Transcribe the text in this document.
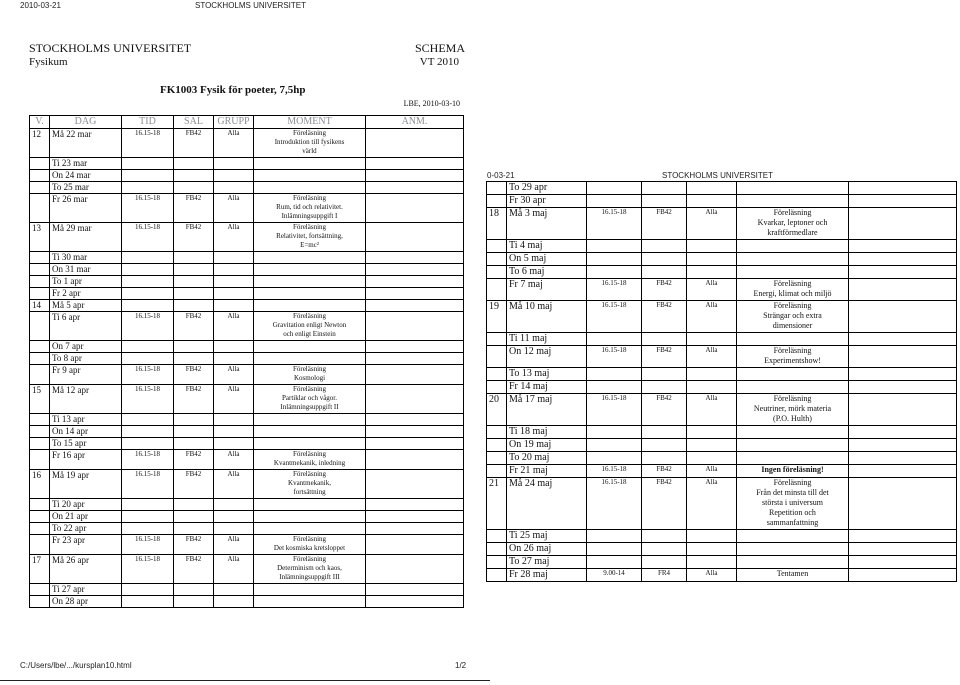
2010-03-21	STOCKHOLMS UNIVERSITET
STOCKHOLMS UNIVERSITET
Fysikum
SCHEMA
VT 2010
FK1003 Fysik för poeter, 7,5hp
LBE, 2010-03-10
V.	DAG	TID	SAL	GRUPP	MOMENT	ANM.
12	Må 22 mar	16.15-18	FB42	Alla	Föreläsning
Introduktion till fysikens
värld	

	Ti 23 mar					
	On 24 mar					
	To 25 mar					
	Fr 26 mar	16.15-18	FB42	Alla	Föreläsning
Rum, tid och relativitet.
Inlämningsuppgift I	

13	Må 29 mar	16.15-18	FB42	Alla	Föreläsning
Relativitet, fortsättning,
E=mc²	

	Ti 30 mar					
	On 31 mar					
	To 1 apr					
	Fr 2 apr					
14	Må 5 apr					
	Ti 6 apr	16.15-18	FB42	Alla	Föreläsning
Gravitation enligt Newton
och enligt Einstein	

	On 7 apr					
	To 8 apr					
	Fr 9 apr	16.15-18	FB42	Alla	Föreläsning
Kosmologi	

15	Må 12 apr	16.15-18	FB42	Alla	Föreläsning
Partiklar och vågor.
Inlämningsuppgift II	

	Ti 13 apr					
	On 14 apr					
	To 15 apr					
	Fr 16 apr	16.15-18	FB42	Alla	Föreläsning
Kvantmekanik, inledning	

16	Må 19 apr	16.15-18	FB42	Alla	Föreläsning
Kvantmekanik,
fortsättning	

	Ti 20 apr					
	On 21 apr					
	To 22 apr					
	Fr 23 apr	16.15-18	FB42	Alla	Föreläsning
Det kosmiska kretsloppet	

17	Må 26 apr	16.15-18	FB42	Alla	Föreläsning
Determinism och kaos,
Inlämningsuppgift III	

	Ti 27 apr					
	On 28 apr					
C:/Users/lbe/.../kursplan10.html	1/2
0-03-21	STOCKHOLMS UNIVERSITET
	To 29 apr					
	Fr 30 apr					
18	Må 3 maj	16.15-18	FB42	Alla	Föreläsning
Kvarkar, leptoner och
kraftförmedlare	

	Ti 4 maj					
	On 5 maj					
	To 6 maj					
	Fr 7 maj	16.15-18	FB42	Alla	Föreläsning
Energi, klimat och miljö	

19	Må 10 maj	16.15-18	FB42	Alla	Föreläsning
Strängar och extra
dimensioner	

	Ti 11 maj					
	On 12 maj	16.15-18	FB42	Alla	Föreläsning
Experimentshow!	

	To 13 maj					
	Fr 14 maj					
20	Må 17 maj	16.15-18	FB42	Alla	Föreläsning
Neutriner, mörk materia
(P.O. Hulth)	

	Ti 18 maj					
	On 19 maj					
	To 20 maj					
	Fr 21 maj	16.15-18	FB42	Alla	Ingen föreläsning!	

21	Må 24 maj	16.15-18	FB42	Alla	Föreläsning
Från det minsta till det
största i universum
Repetition och
sammanfattning	

	Ti 25 maj					
	On 26 maj					
	To 27 maj					
	Fr 28 maj	9.00-14	FR4	Alla	Tentamen	
